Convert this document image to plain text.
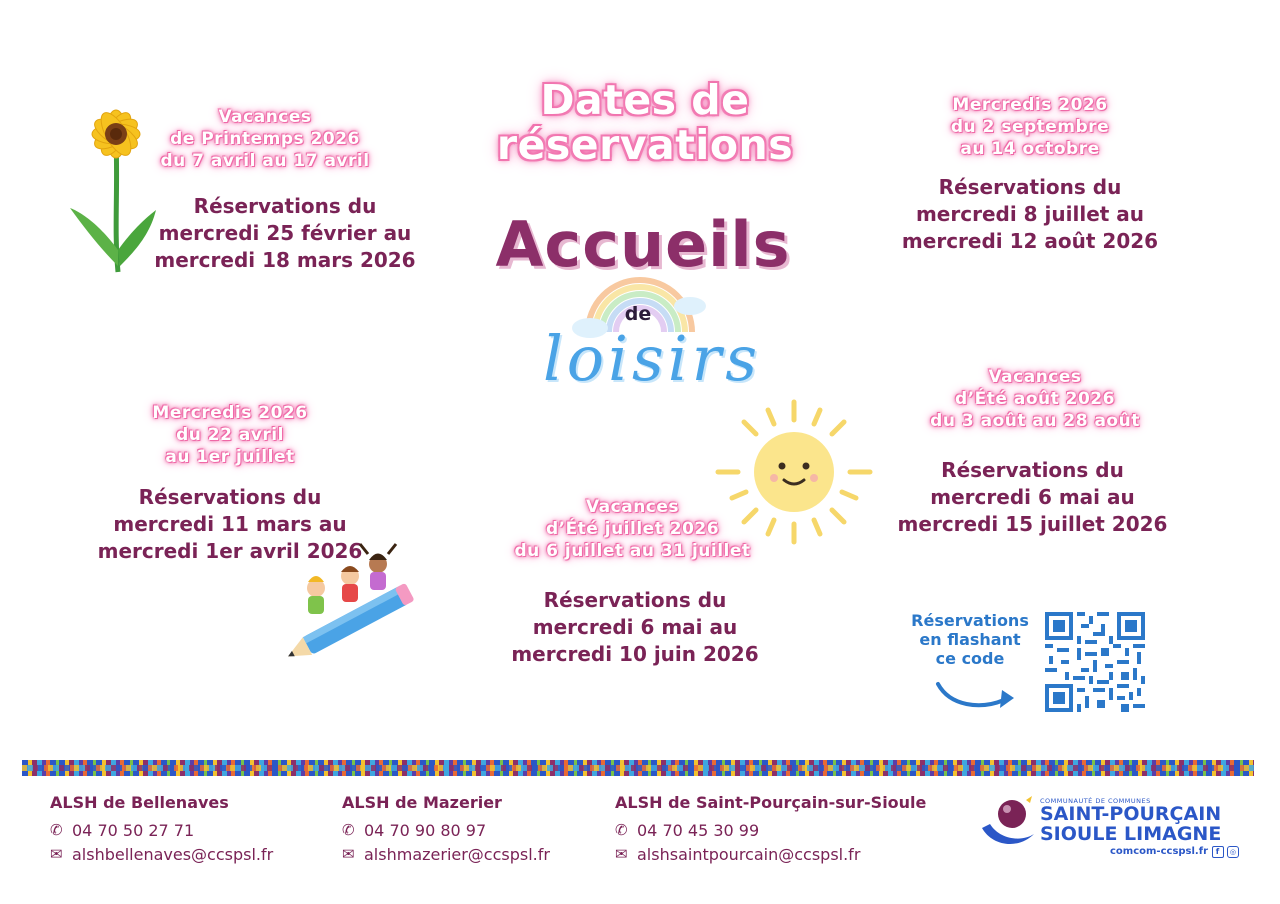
Dates de
réservations
Accueils
de
loisirs
Vacances
de Printemps 2026
du 7 avril au 17 avril
Réservations du
mercredi 25 février au
mercredi 18 mars 2026
Mercredis 2026
du 2 septembre
au 14 octobre
Réservations du
mercredi 8 juillet au
mercredi 12 août 2026
Mercredis 2026
du 22 avril
au 1er juillet
Réservations du
mercredi 11 mars au
mercredi 1er avril 2026
Vacances
d’Été août 2026
du 3 août au 28 août
Réservations du
mercredi 6 mai au
mercredi 15 juillet 2026
Vacances
d’Été juillet 2026
du 6 juillet au 31 juillet
Réservations du
mercredi 6 mai au
mercredi 10 juin 2026
Réservations
en flashant
ce code
ALSH de Bellenaves
✆ 04 70 50 27 71
✉ alshbellenaves@ccspsl.fr
ALSH de Mazerier
✆ 04 70 90 80 97
✉ alshmazerier@ccspsl.fr
ALSH de Saint-Pourçain-sur-Sioule
✆ 04 70 45 30 99
✉ alshsaintpourcain@ccspsl.fr
COMMUNAUTÉ DE COMMUNES
SAINT-POURÇAIN
SIOULE LIMAGNE
comcom-ccspsl.fr f ◎
